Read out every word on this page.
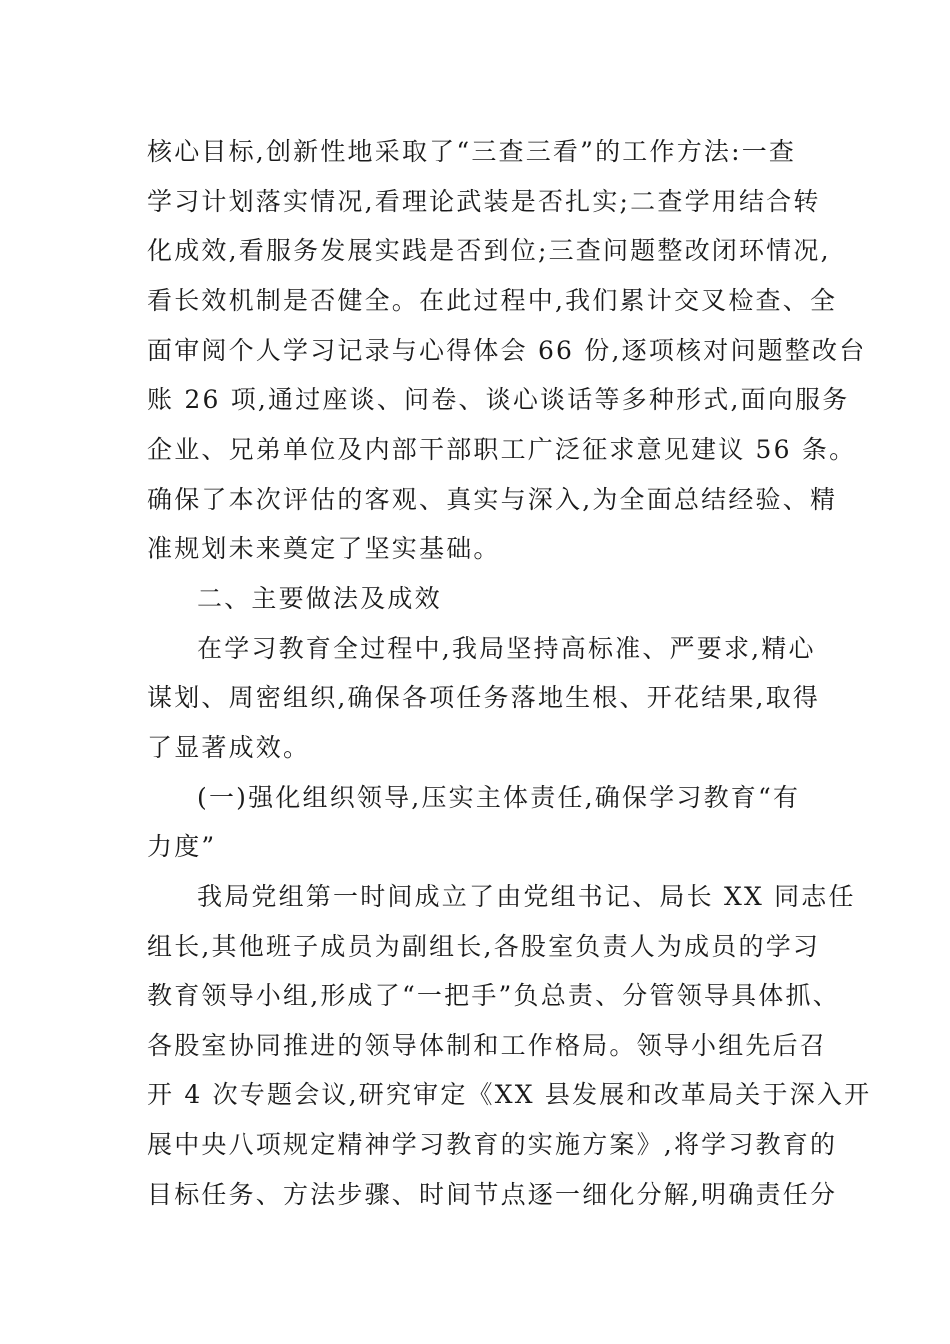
核心目标,创新性地采取了“三查三看”的工作方法:一查
学习计划落实情况,看理论武装是否扎实;二查学用结合转
化成效,看服务发展实践是否到位;三查问题整改闭环情况,
看长效机制是否健全。在此过程中,我们累计交叉检查、全
面审阅个人学习记录与心得体会 66 份,逐项核对问题整改台
账 26 项,通过座谈、问卷、谈心谈话等多种形式,面向服务
企业、兄弟单位及内部干部职工广泛征求意见建议 56 条。
确保了本次评估的客观、真实与深入,为全面总结经验、精
准规划未来奠定了坚实基础。
二、主要做法及成效
在学习教育全过程中,我局坚持高标准、严要求,精心
谋划、周密组织,确保各项任务落地生根、开花结果,取得
了显著成效。
(一)强化组织领导,压实主体责任,确保学习教育“有
力度”
我局党组第一时间成立了由党组书记、局长 XX 同志任
组长,其他班子成员为副组长,各股室负责人为成员的学习
教育领导小组,形成了“一把手”负总责、分管领导具体抓、
各股室协同推进的领导体制和工作格局。领导小组先后召
开 4 次专题会议,研究审定《XX 县发展和改革局关于深入开
展中央八项规定精神学习教育的实施方案》,将学习教育的
目标任务、方法步骤、时间节点逐一细化分解,明确责任分
